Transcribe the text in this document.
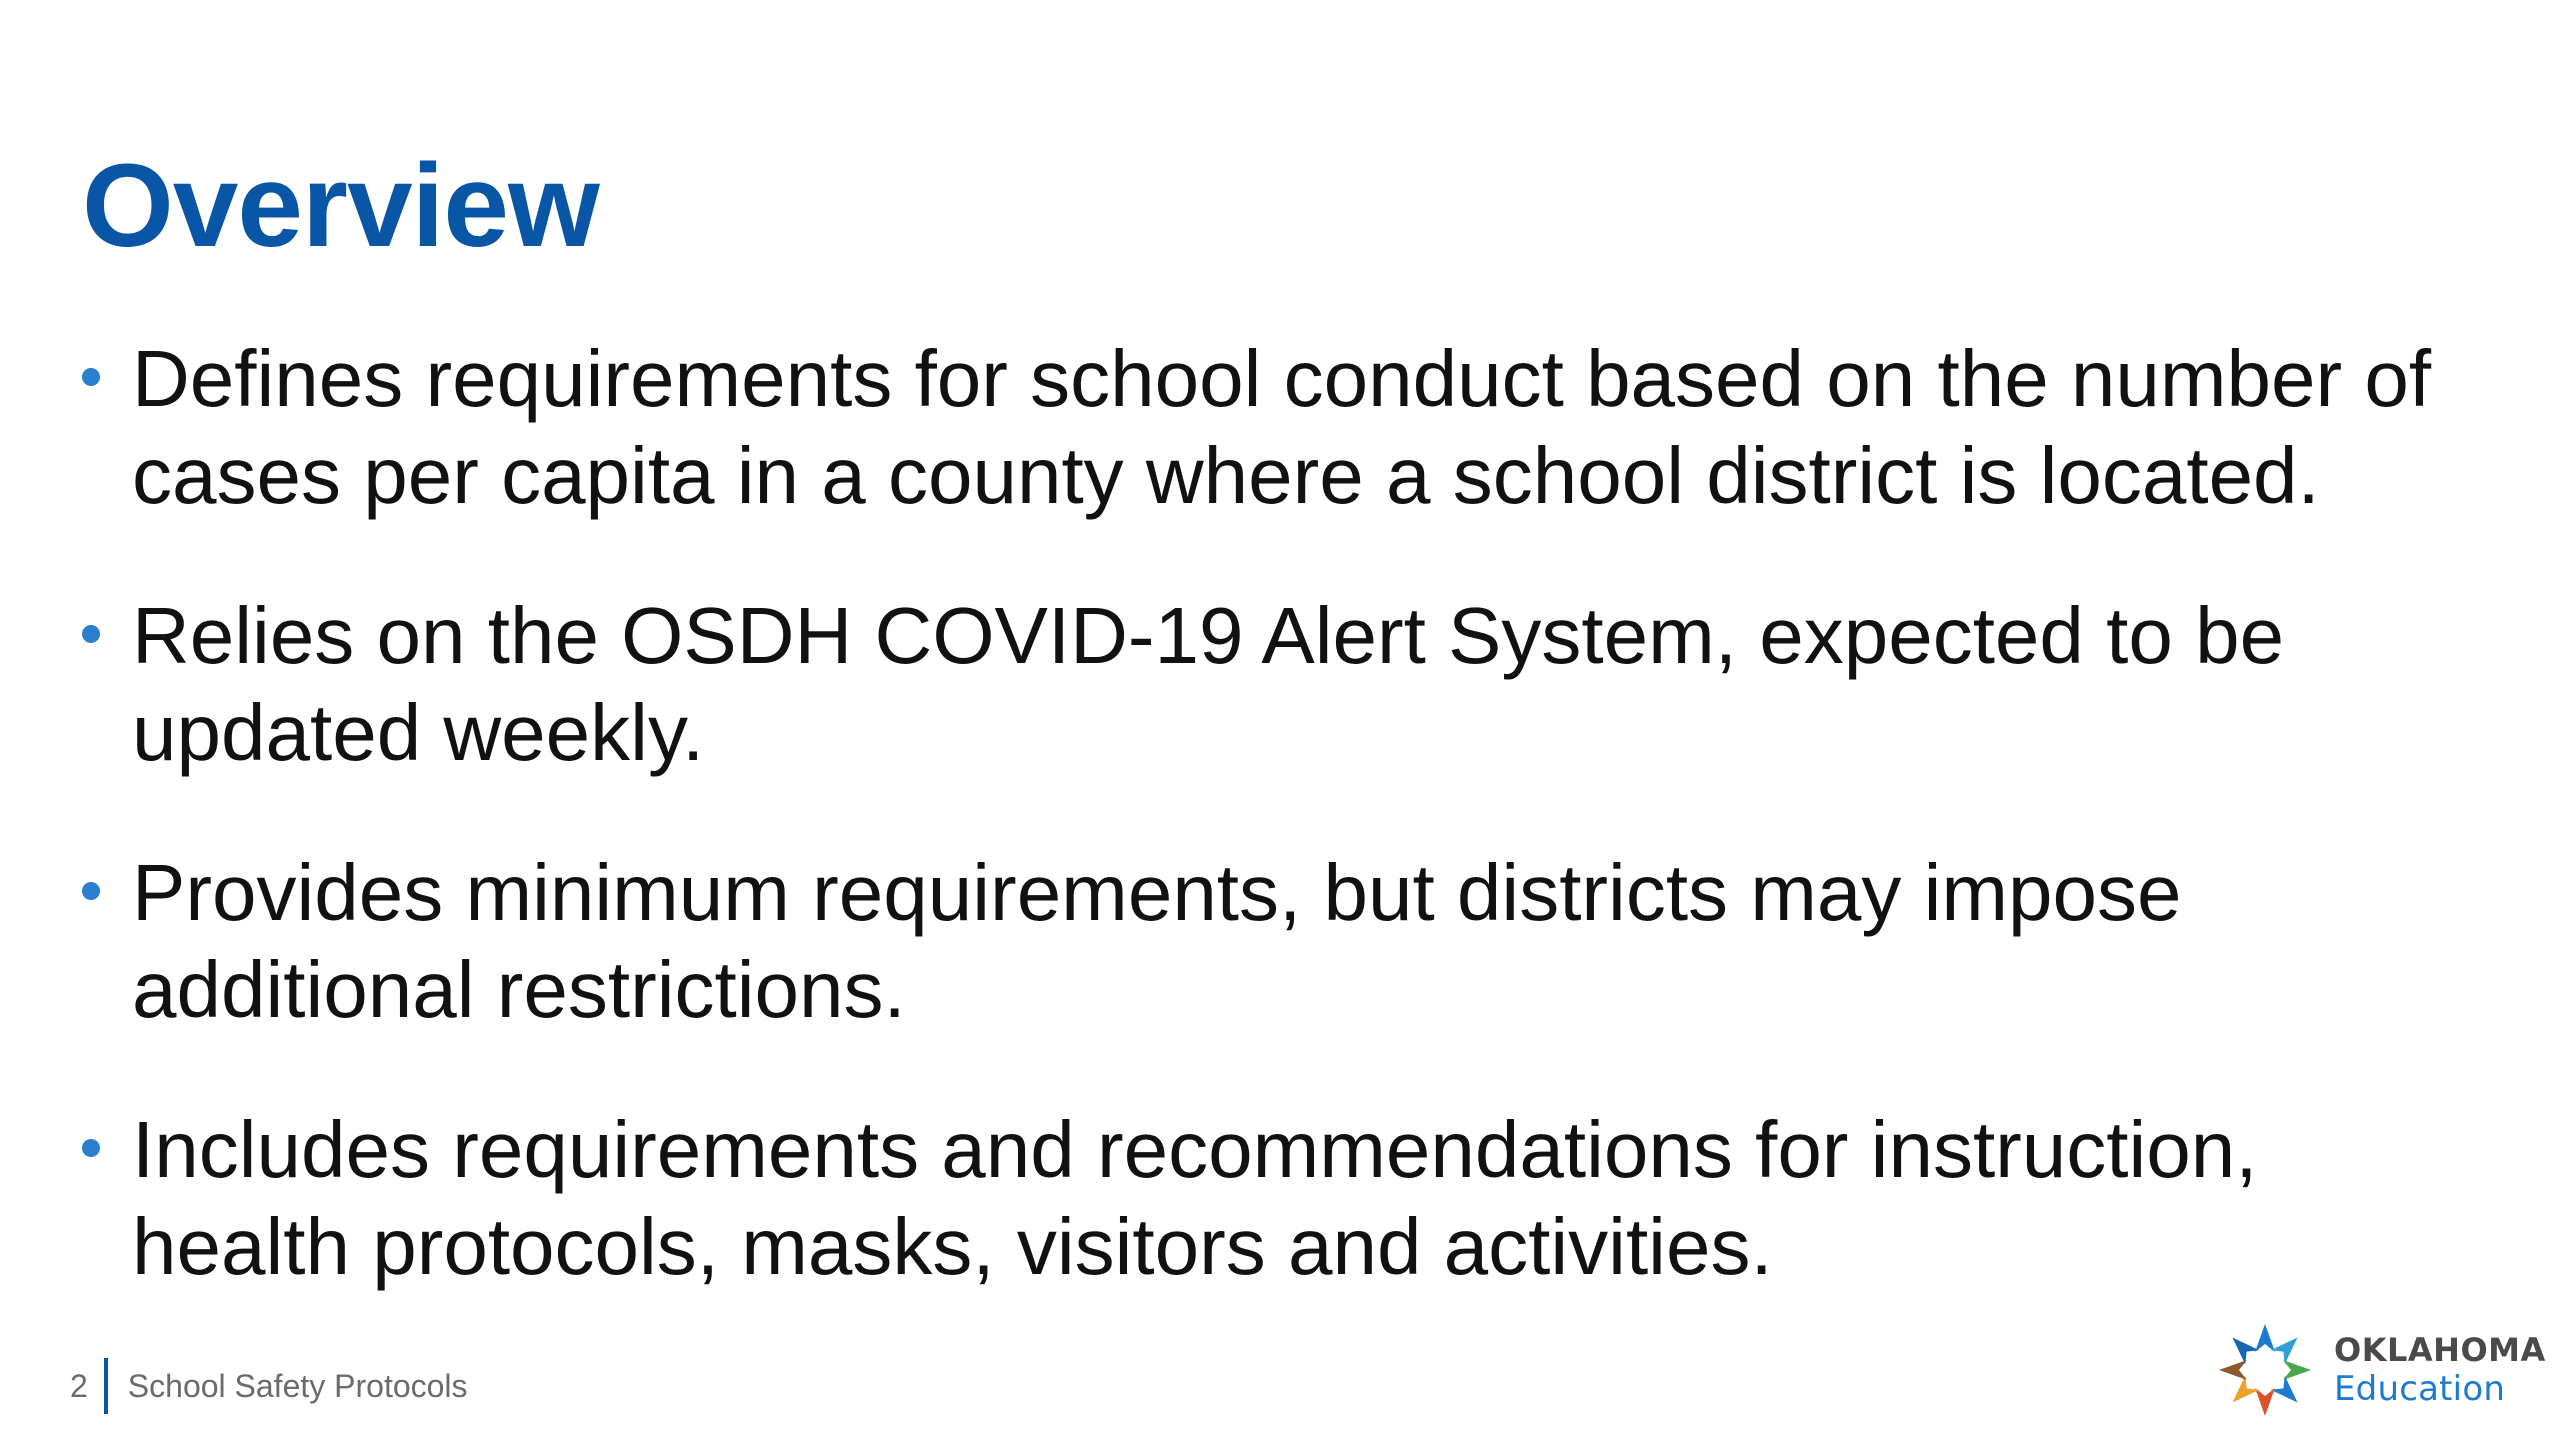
Overview
Defines requirements for school conduct based on the number of cases per capita in a county where a school district is located.
Relies on the OSDH COVID-19 Alert System, expected to be updated weekly.
Provides minimum requirements, but districts may impose additional restrictions.
Includes requirements and recommendations for instruction, health protocols, masks, visitors and activities.
2 School Safety Protocols
OKLAHOMA
Education
